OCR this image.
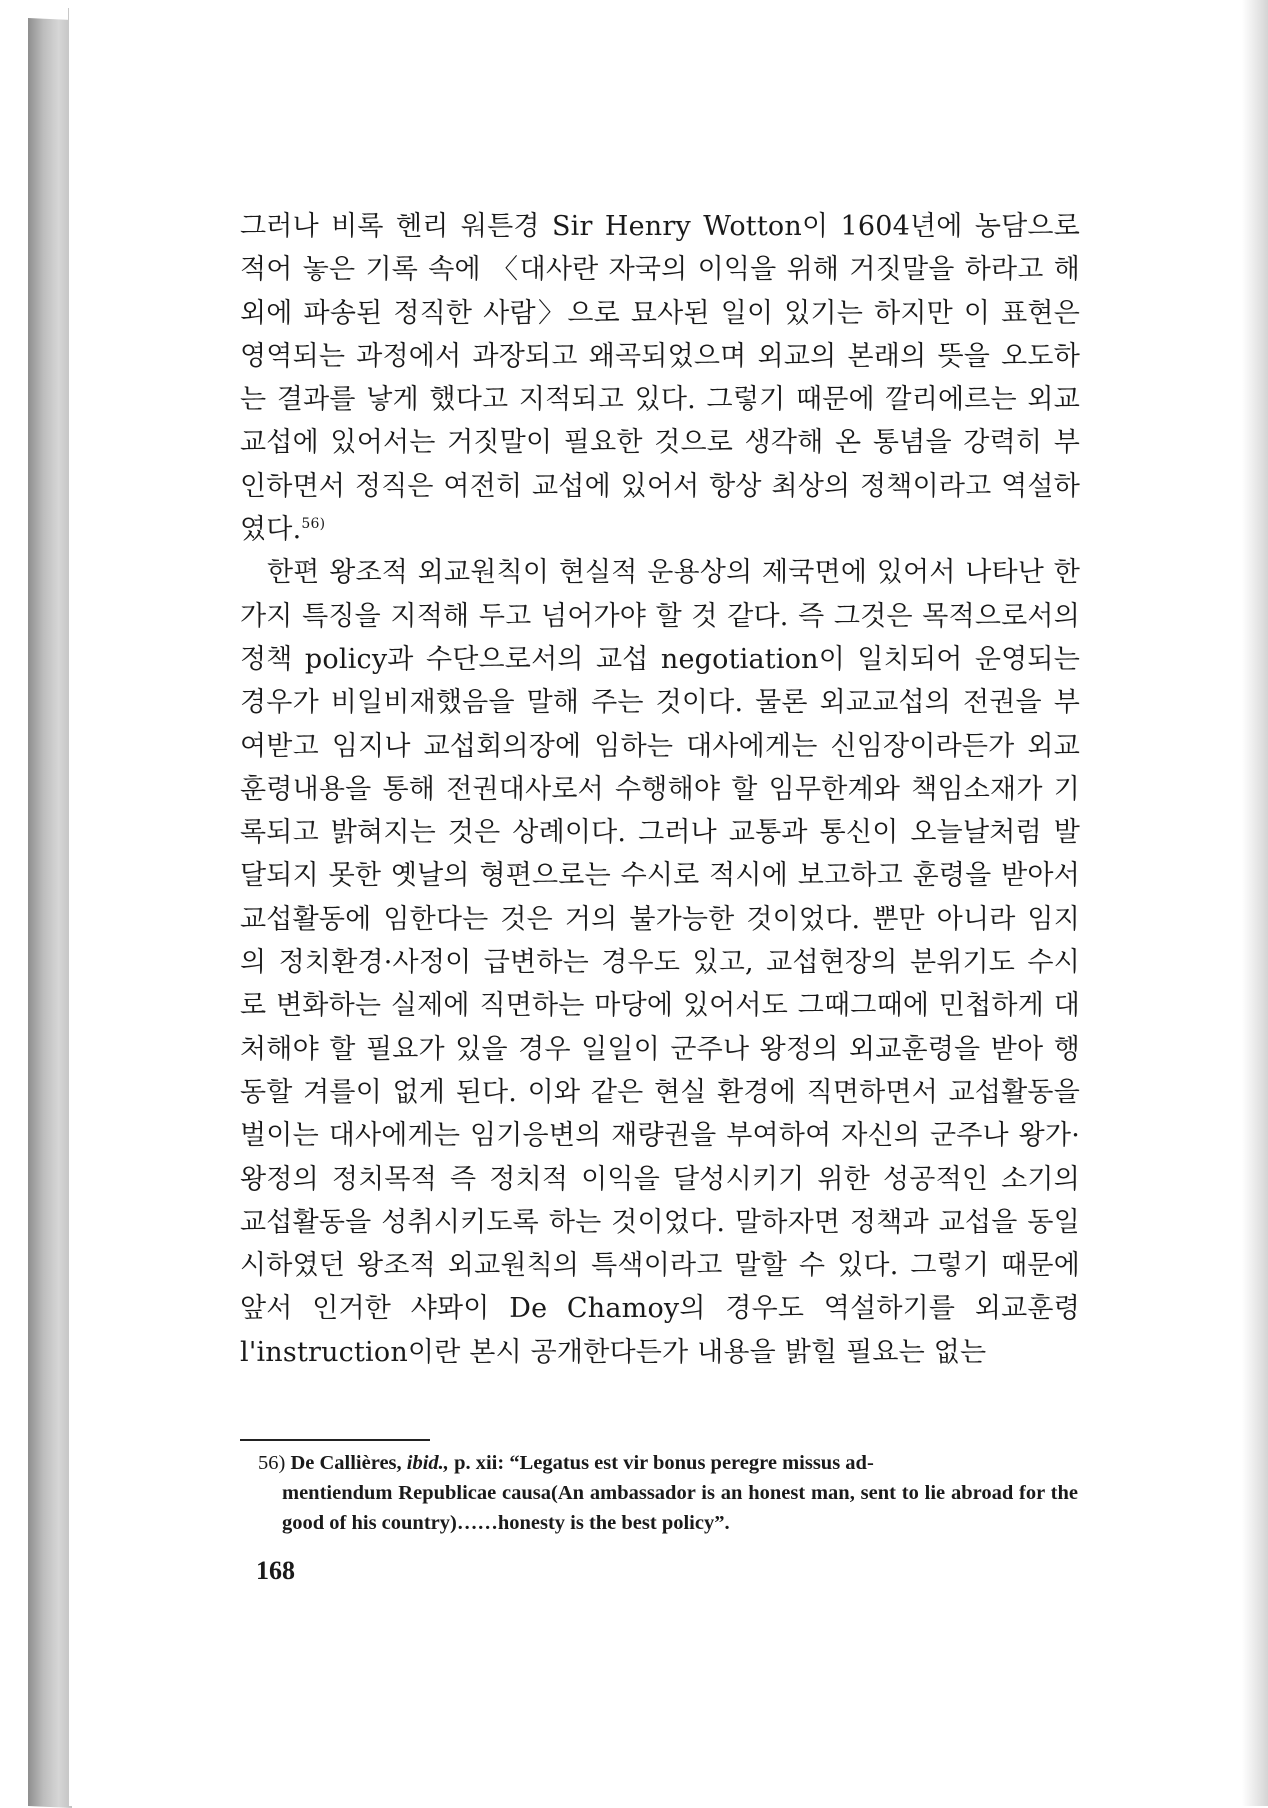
그러나 비록 헨리 워튼경 Sir Henry Wotton이 1604년에 농담으로 적어 놓은 기록 속에 〈대사란 자국의 이익을 위해 거짓말을 하라고 해외에 파송된 정직한 사람〉으로 묘사된 일이 있기는 하지만 이 표현은 영역되는 과정에서 과장되고 왜곡되었으며 외교의 본래의 뜻을 오도하는 결과를 낳게 했다고 지적되고 있다. 그렇기 때문에 깔리에르는 외교교섭에 있어서는 거짓말이 필요한 것으로 생각해 온 통념을 강력히 부인하면서 정직은 여전히 교섭에 있어서 항상 최상의 정책이라고 역설하였다.$^{56)}$

한편 왕조적 외교원칙이 현실적 운용상의 제국면에 있어서 나타난 한 가지 특징을 지적해 두고 넘어가야 할 것 같다. 즉 그것은 목적으로서의 정책 policy과 수단으로서의 교섭 negotiation이 일치되어 운영되는 경우가 비일비재했음을 말해 주는 것이다. 물론 외교교섭의 전권을 부여받고 임지나 교섭회의장에 임하는 대사에게는 신임장이라든가 외교훈령내용을 통해 전권대사로서 수행해야 할 임무한계와 책임소재가 기록되고 밝혀지는 것은 상례이다. 그러나 교통과 통신이 오늘날처럼 발달되지 못한 옛날의 형편으로는 수시로 적시에 보고하고 훈령을 받아서 교섭활동에 임한다는 것은 거의 불가능한 것이었다. 뿐만 아니라 임지의 정치환경·사정이 급변하는 경우도 있고, 교섭현장의 분위기도 수시로 변화하는 실제에 직면하는 마당에 있어서도 그때그때에 민첩하게 대처해야 할 필요가 있을 경우 일일이 군주나 왕정의 외교훈령을 받아 행동할 겨를이 없게 된다. 이와 같은 현실 환경에 직면하면서 교섭활동을 벌이는 대사에게는 임기응변의 재량권을 부여하여 자신의 군주나 왕가·왕정의 정치목적 즉 정치적 이익을 달성시키기 위한 성공적인 소기의 교섭활동을 성취시키도록 하는 것이었다. 말하자면 정책과 교섭을 동일시하였던 왕조적 외교원칙의 특색이라고 말할 수 있다. 그렇기 때문에 앞서 인거한 샤뫄이 De Chamoy의 경우도 역설하기를 외교훈령 l'instruction이란 본시 공개한다든가 내용을 밝힐 필요는 없는

56) De Callières, ibid., p. xii: “Legatus est vir bonus peregre missus ad-
mentiendum Republicae causa(An ambassador is an honest man, sent to lie abroad for the good of his country)……honesty is the best policy”.
168
